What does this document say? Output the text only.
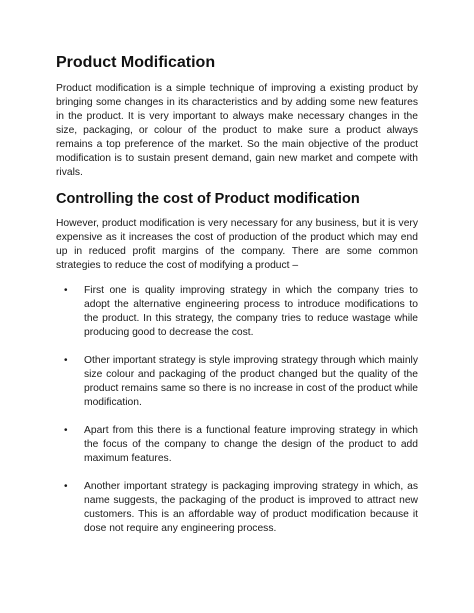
Product Modification

Product modification is a simple technique of improving a existing product by bringing some changes in its characteristics and by adding some new features in the product. It is very important to always make necessary changes in the size, packaging, or colour of the product to make sure a product always remains a top preference of the market. So the main objective of the product modification is to sustain present demand, gain new market and compete with rivals.

Controlling the cost of Product modification

However, product modification is very necessary for any business, but it is very expensive as it increases the cost of production of the product which may end up in reduced profit margins of the company. There are some common strategies to reduce the cost of modifying a product –

• First one is quality improving strategy in which the company tries to adopt the alternative engineering process to introduce modifications to the product. In this strategy, the company tries to reduce wastage while producing good to decrease the cost.
• Other important strategy is style improving strategy through which mainly size colour and packaging of the product changed but the quality of the product remains same so there is no increase in cost of the product while modification.
• Apart from this there is a functional feature improving strategy in which the focus of the company to change the design of the product to add maximum features.
• Another important strategy is packaging improving strategy in which, as name suggests, the packaging of the product is improved to attract new customers. This is an affordable way of product modification because it dose not require any engineering process.
